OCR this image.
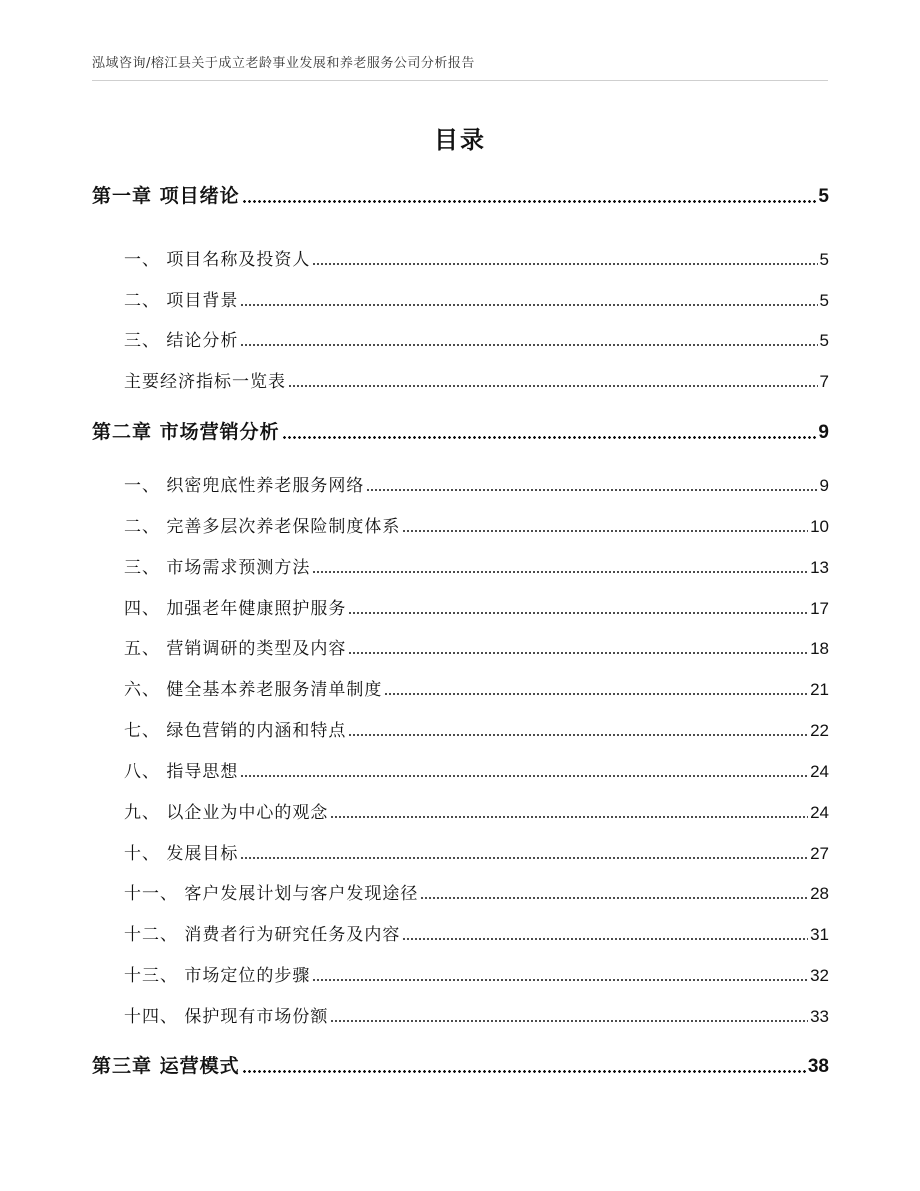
泓域咨询/榕江县关于成立老龄事业发展和养老服务公司分析报告
目录
第一章 项目绪论	5
一、 项目名称及投资人	5
二、 项目背景	5
三、 结论分析	5
主要经济指标一览表	7
第二章 市场营销分析	9
一、 织密兜底性养老服务网络	9
二、 完善多层次养老保险制度体系	10
三、 市场需求预测方法	13
四、 加强老年健康照护服务	17
五、 营销调研的类型及内容	18
六、 健全基本养老服务清单制度	21
七、 绿色营销的内涵和特点	22
八、 指导思想	24
九、 以企业为中心的观念	24
十、 发展目标	27
十一、 客户发展计划与客户发现途径	28
十二、 消费者行为研究任务及内容	31
十三、 市场定位的步骤	32
十四、 保护现有市场份额	33
第三章 运营模式	38
